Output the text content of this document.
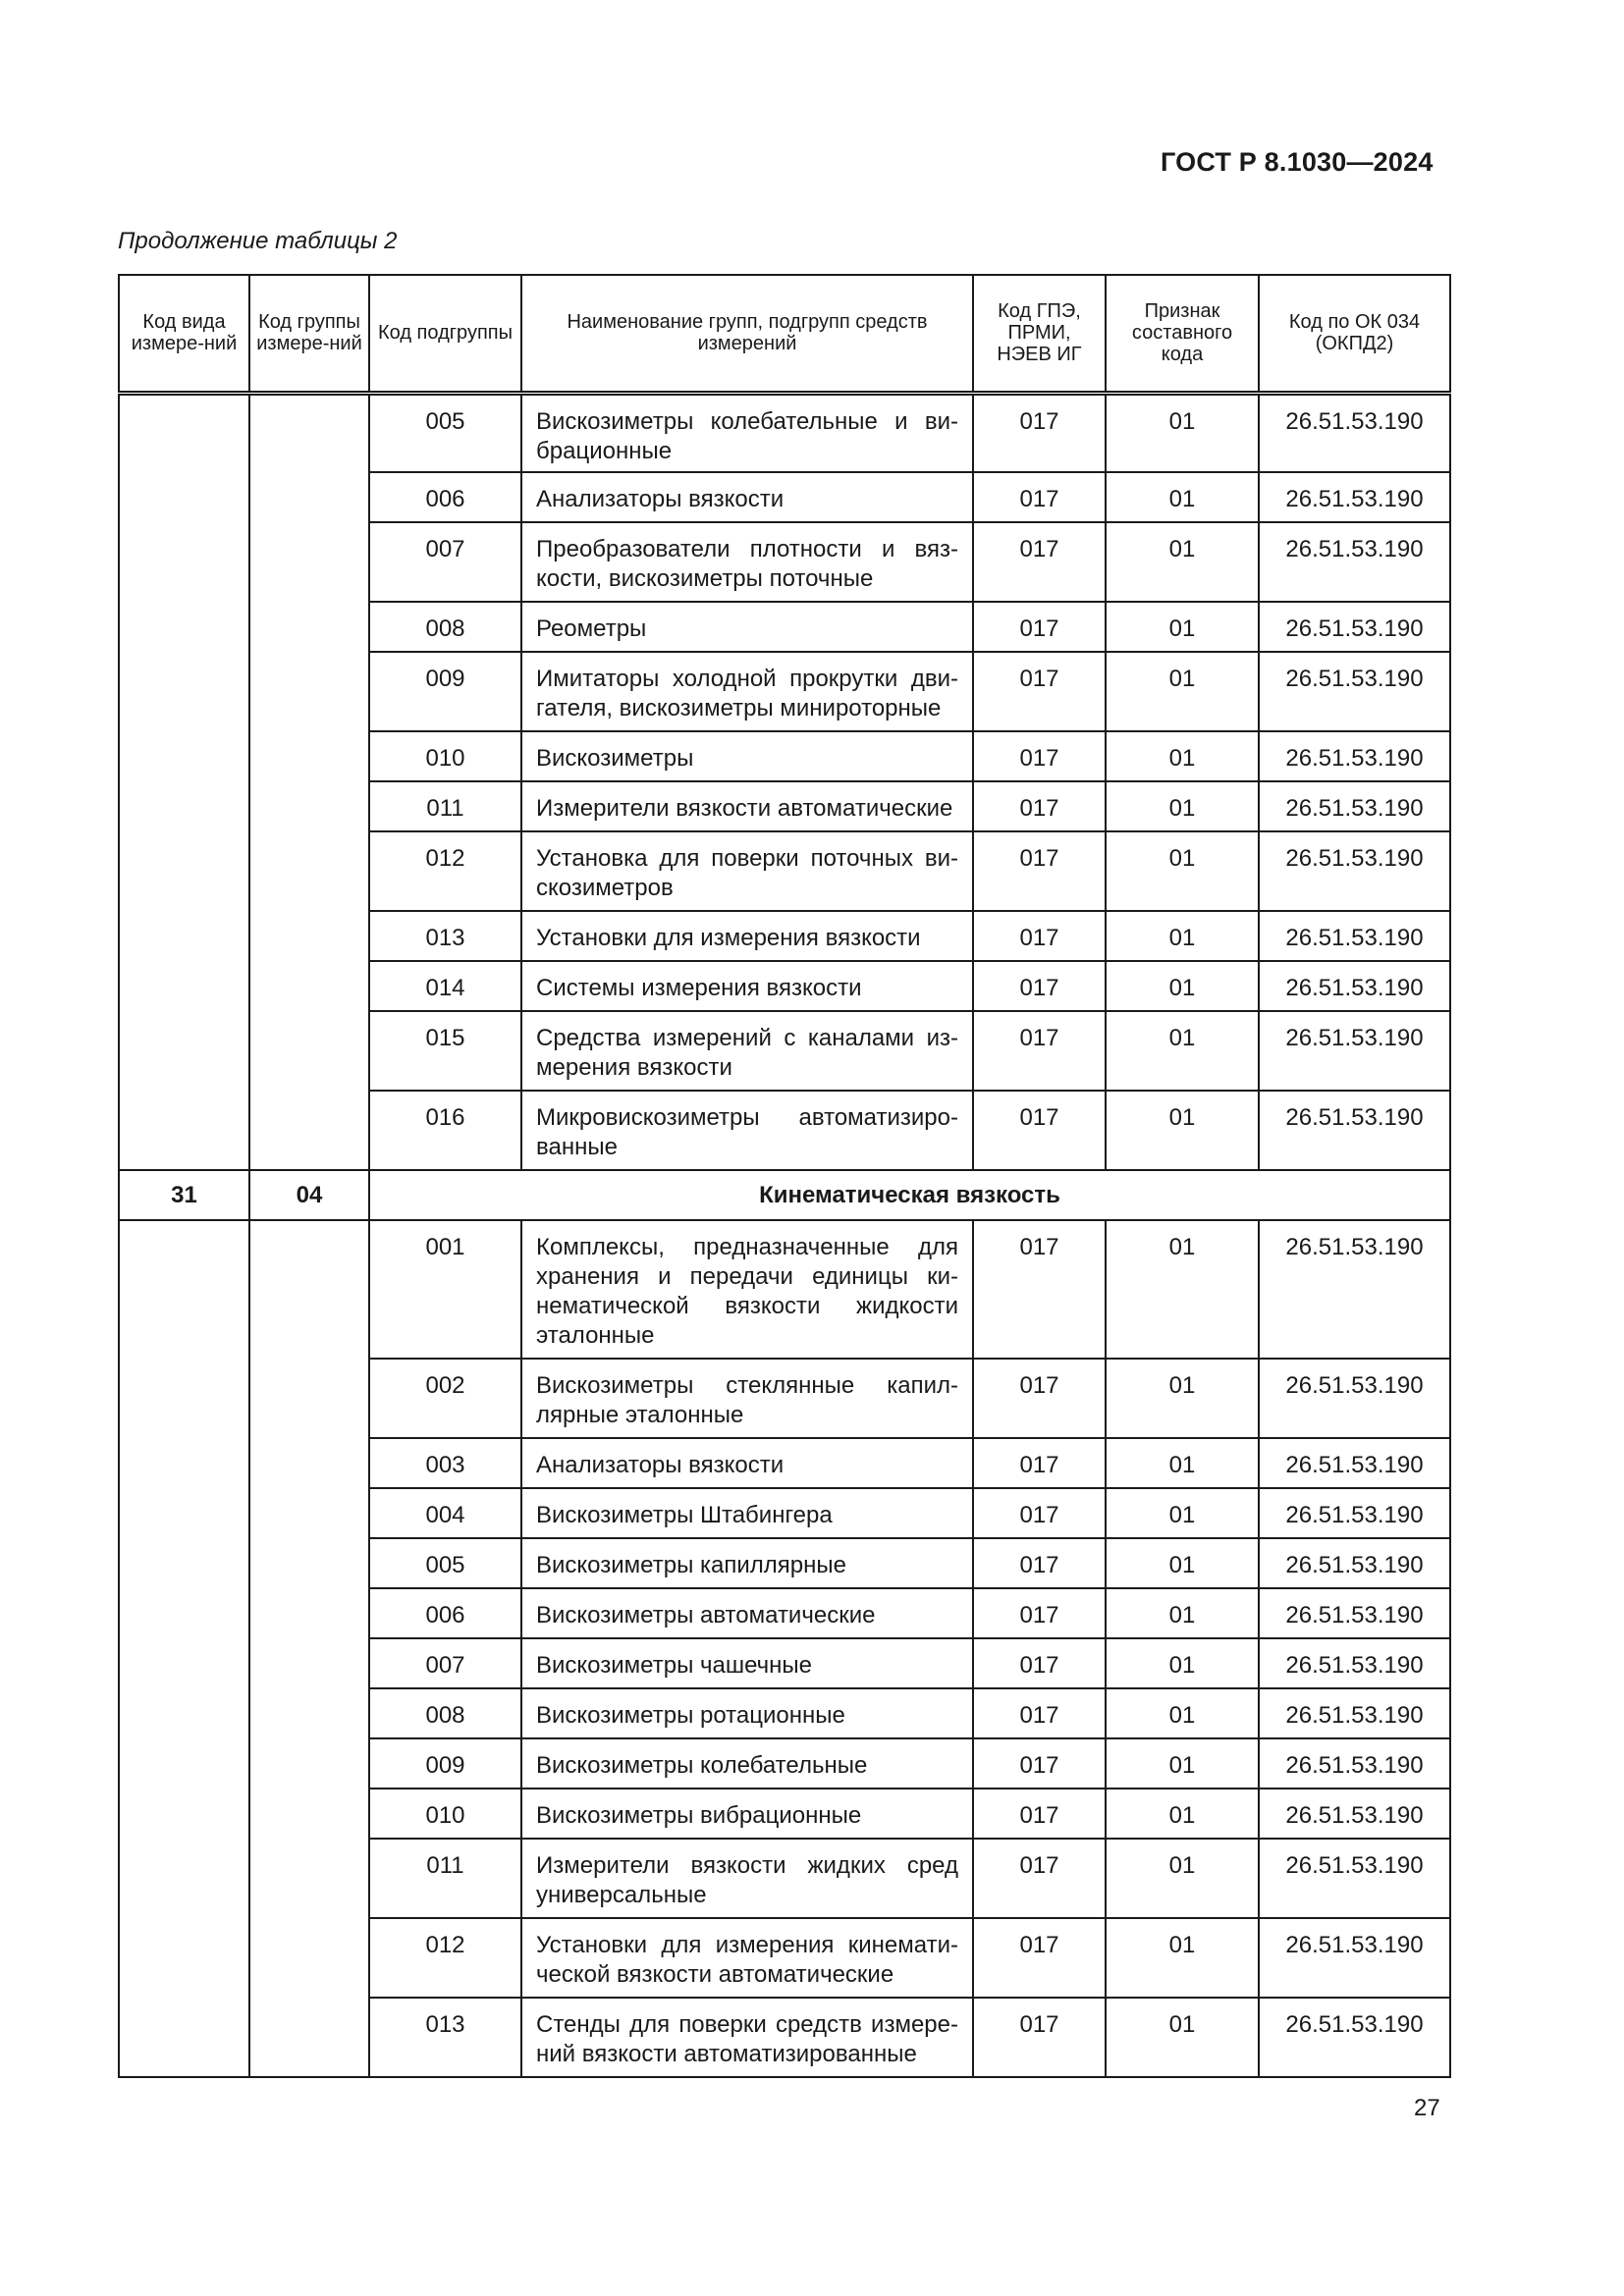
ГОСТ Р 8.1030—2024
Продолжение таблицы 2
Код вида измере-ний	Код группы измере-ний	Код подгруппы	Наименование групп, подгрупп средств измерений	Код ГПЭ, ПРМИ, НЭЕВ ИГ	Признак составного кода	Код по ОК 034 (ОКПД2)
		005	Вискозиметры колебательные и ви-брационные	017	01	26.51.53.190
		006	Анализаторы вязкости	017	01	26.51.53.190
		007	Преобразователи плотности и вяз-кости, вискозиметры поточные	017	01	26.51.53.190
		008	Реометры	017	01	26.51.53.190
		009	Имитаторы холодной прокрутки дви-гателя, вискозиметры минироторные	017	01	26.51.53.190
		010	Вискозиметры	017	01	26.51.53.190
		011	Измерители вязкости автоматические	017	01	26.51.53.190
		012	Установка для поверки поточных ви-скозиметров	017	01	26.51.53.190
		013	Установки для измерения вязкости	017	01	26.51.53.190
		014	Системы измерения вязкости	017	01	26.51.53.190
		015	Средства измерений с каналами из-мерения вязкости	017	01	26.51.53.190
		016	Микровискозиметры автоматизиро-ванные	017	01	26.51.53.190
31	04	Кинематическая вязкость				
		001	Комплексы, предназначенные для хранения и передачи единицы ки-нематической вязкости жидкости эталонные	017	01	26.51.53.190
		002	Вискозиметры стеклянные капил-лярные эталонные	017	01	26.51.53.190
		003	Анализаторы вязкости	017	01	26.51.53.190
		004	Вискозиметры Штабингера	017	01	26.51.53.190
		005	Вискозиметры капиллярные	017	01	26.51.53.190
		006	Вискозиметры автоматические	017	01	26.51.53.190
		007	Вискозиметры чашечные	017	01	26.51.53.190
		008	Вискозиметры ротационные	017	01	26.51.53.190
		009	Вискозиметры колебательные	017	01	26.51.53.190
		010	Вискозиметры вибрационные	017	01	26.51.53.190
		011	Измерители вязкости жидких сред универсальные	017	01	26.51.53.190
		012	Установки для измерения кинемати-ческой вязкости автоматические	017	01	26.51.53.190
		013	Стенды для поверки средств измере-ний вязкости автоматизированные	017	01	26.51.53.190
27
